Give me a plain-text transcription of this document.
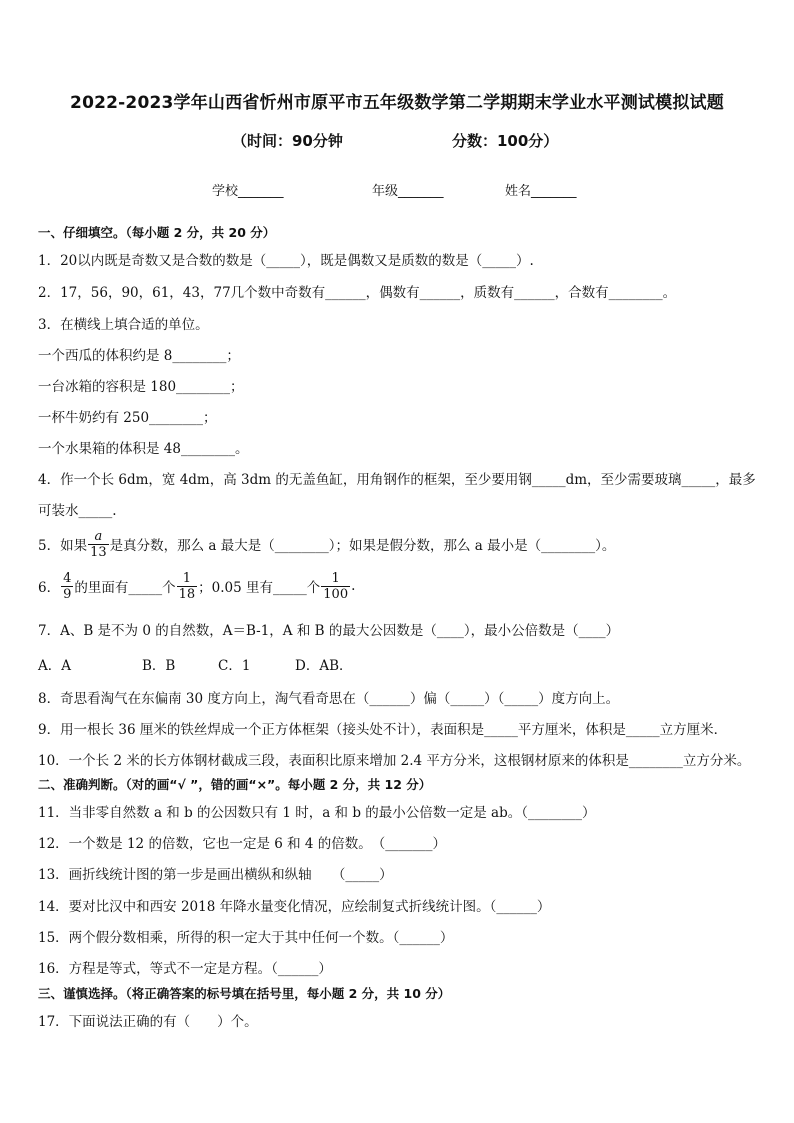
2022-2023学年山西省忻州市原平市五年级数学第二学期期末学业水平测试模拟试题
（时间：90分钟	分数：100分）
学校_______	年级_______	姓名_______
一、仔细填空。（每小题 2 分，共 20 分）
1．20以内既是奇数又是合数的数是（_____），既是偶数又是质数的数是（_____）.
2．17，56，90，61，43，77几个数中奇数有______，偶数有______，质数有______，合数有________。
3．在横线上填合适的单位。
一个西瓜的体积约是 8________；
一台冰箱的容积是 180________；
一杯牛奶约有 250________；
一个水果箱的体积是 48________。
4．作一个长 6dm，宽 4dm，高 3dm 的无盖鱼缸，用角钢作的框架，至少要用钢_____dm，至少需要玻璃_____，最多
可装水_____.
5．如果 $\frac{a}{13}$ 是真分数，那么 a 最大是（________）；如果是假分数，那么 a 最小是（________）。
6． $\frac{4}{9}$ 的里面有_____个 $\frac{1}{18}$ ；0.05 里有_____个 $\frac{1}{100}$ .
7．A、B 是不为 0 的自然数，A＝B-1，A 和 B 的最大公因数是（____），最小公倍数是（____）
A．A	B．B	C．1	D．AB．
8．奇思看淘气在东偏南 30 度方向上，淘气看奇思在（______）偏（_____）（_____）度方向上。
9．用一根长 36 厘米的铁丝焊成一个正方体框架（接头处不计），表面积是_____平方厘米，体积是_____立方厘米．
10．一个长 2 米的长方体钢材截成三段，表面积比原来增加 2.4 平方分米，这根钢材原来的体积是________立方分米。
二、准确判断。（对的画“√ ”，错的画“×”。每小题 2 分，共 12 分）
11．当非零自然数 a 和 b 的公因数只有 1 时，a 和 b 的最小公倍数一定是 ab。（________）
12．一个数是 12 的倍数，它也一定是 6 和 4 的倍数。　（_______）
13．画折线统计图的第一步是画出横纵和纵轴　　（_____）
14．要对比汉中和西安 2018 年降水量变化情况，应绘制复式折线统计图。（______）
15．两个假分数相乘，所得的积一定大于其中任何一个数。（______）
16．方程是等式，等式不一定是方程。（______）
三、谨慎选择。（将正确答案的标号填在括号里，每小题 2 分，共 10 分）
17．下面说法正确的有（　　）个。
